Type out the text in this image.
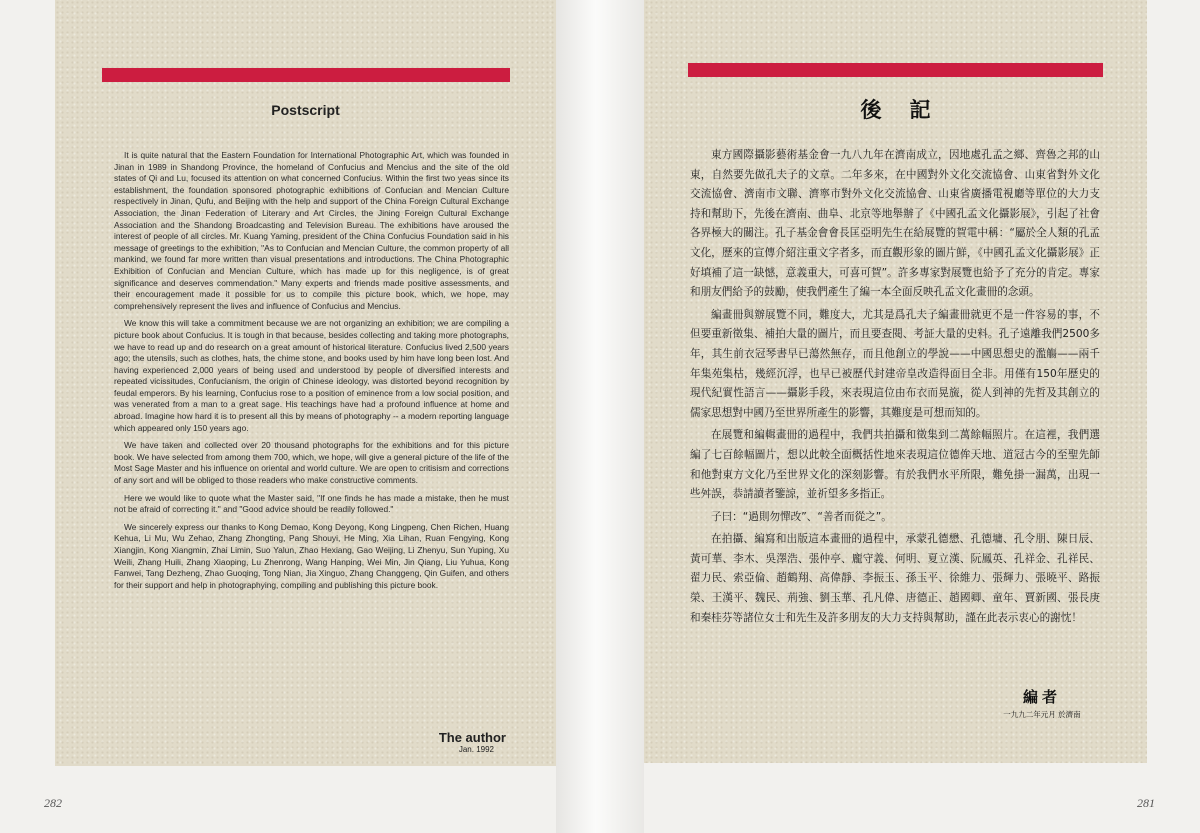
Postscript

It is quite natural that the Eastern Foundation for International Photographic Art, which was founded in Jinan in 1989 in Shandong Province, the homeland of Confucius and Mencius and the site of the old states of Qi and Lu, focused its attention on what concerned Confucius. Within the first two yeas since its establishment, the foundation sponsored photographic exhibitions of Confucian and Mencian Culture respectively in Jinan, Qufu, and Beijing with the help and support of the China Foreign Cultural Exchange Association, the Jinan Federation of Literary and Art Circles, the Jining Foreign Cultural Exchange Association and the Shandong Broadcasting and Television Bureau. The exhibitions have aroused the interest of people of all circles. Mr. Kuang Yaming, president of the China Confucius Foundation said in his message of greetings to the exhibition, "As to Confucian and Mencian Culture, the common property of all mankind, we found far more written than visual presentations and introductions. The China Photographic Exhibition of Confucian and Mencian Culture, which has made up for this negligence, is of great significance and deserves commendation." Many experts and friends made positive assessments, and their encouragement made it possible for us to compile this picture book, which, we hope, may comprehensively represent the lives and influence of Confucius and Mencius.

We know this will take a commitment because we are not organizing an exhibition; we are compiling a picture book about Confucius. It is tough in that because, besides collecting and taking more photographs, we have to read up and do research on a great amount of historical literature. Confucius lived 2,500 years ago; the utensils, such as clothes, hats, the chime stone, and books used by him have long been lost. And having experienced 2,000 years of being used and understood by people of diversified interests and repeated vicissitudes, Confucianism, the origin of Chinese ideology, was distorted beyond recognition by feudal emperors. By his learning, Confucius rose to a position of eminence from a low social position, and was venerated from a man to a great sage. His teachings have had a profound influence at home and abroad. Imagine how hard it is to present all this by means of photography -- a modern reporting language which appeared only 150 years ago.

We have taken and collected over 20 thousand photographs for the exhibitions and for this picture book. We have selected from among them 700, which, we hope, will give a general picture of the life of the Most Sage Master and his influence on oriental and world culture. We are open to critisism and corrections of any sort and will be obliged to those readers who make constructive comments.

Here we would like to quote what the Master said, "If one finds he has made a mistake, then he must not be afraid of correcting it." and "Good advice should be readily followed."

We sincerely express our thanks to Kong Demao, Kong Deyong, Kong Lingpeng, Chen Richen, Huang Kehua, Li Mu, Wu Zehao, Zhang Zhongting, Pang Shouyi, He Ming, Xia Lihan, Ruan Fengying, Kong Xiangjin, Kong Xiangmin, Zhai Limin, Suo Yalun, Zhao Hexiang, Gao Weijing, Li Zhenyu, Sun Yuping, Xu Weili, Zhang Huili, Zhang Xiaoping, Lu Zhenrong, Wang Hanping, Wei Min, Jin Qiang, Liu Yuhua, Kong Fanwei, Tang Dezheng, Zhao Guoqing, Tong Nian, Jia Xinguo, Zhang Changgeng, Qin Guifen, and others for their support and help in photographying, compiling and publishing this picture book.

The author
Jan. 1992
後記

東方國際攝影藝術基金會一九八九年在濟南成立，因地處孔孟之鄉、齊魯之邦的山東，自然要先做孔夫子的文章。二年多來，在中國對外文化交流協會、山東省對外文化交流協會、濟南市文聯、濟寧市對外文化交流協會、山東省廣播電視廳等單位的大力支持和幫助下，先後在濟南、曲阜、北京等地舉辦了《中國孔孟文化攝影展》，引起了社會各界極大的關注。孔子基金會會長匡亞明先生在給展覽的賀電中稱：“屬於全人類的孔孟文化，歷來的宣傳介紹注重文字者多，而直觀形象的圖片鮮，《中國孔孟文化攝影展》正好填補了這一缺憾，意義重大，可喜可賀”。許多專家對展覽也給予了充分的肯定。專家和朋友們給予的鼓勵，使我們產生了編一本全面反映孔孟文化畫冊的念頭。

編畫冊與辦展覽不同，難度大，尤其是爲孔夫子編畫冊就更不是一件容易的事，不但要重新徵集、補拍大量的圖片，而且要查閱、考証大量的史料。孔子遠離我們2500多年，其生前衣冠琴書早已蕩然無存，而且他創立的學說——中國思想史的濫觴——兩千年集苑集枯，幾經沉浮，也早已被歷代封建帝皇改造得面目全非。用僅有150年歷史的現代紀實性語言——攝影手段，來表現這位由布衣而晃旒，從人到神的先哲及其創立的儒家思想對中國乃至世界所產生的影響，其難度是可想而知的。

在展覽和編輯畫冊的過程中，我們共拍攝和徵集到二萬餘幅照片。在這裡，我們選編了七百餘幅圖片，想以此較全面概括性地來表現這位德侔天地、道冠古今的至聖先師和他對東方文化乃至世界文化的深刻影響。有於我們水平所限，難免掛一漏萬，出現一些舛誤，恭請讀者鑒諒，並祈望多多指正。

子曰：“過則勿憚改”、“善者而從之”。

在拍攝、編寫和出版這本畫冊的過程中，承蒙孔德懋、孔德墉、孔令朋、陳日辰、黃可華、李木、吳澤浩、張仲亭、龐守義、何明、夏立漢、阮鳳英、孔祥金、孔祥民、翟力民、索亞倫、趙鶴翔、高偉靜、李振玉、孫玉平、徐維力、張輝力、張曉平、路振榮、王漢平、魏民、荊強、劉玉華、孔凡偉、唐德正、趙國卿、童年、賈新國、張長庚和秦桂芬等諸位女士和先生及許多朋友的大力支持與幫助，謹在此表示衷心的謝忱！

編者
一九九二年元月 於濟南
282	281
